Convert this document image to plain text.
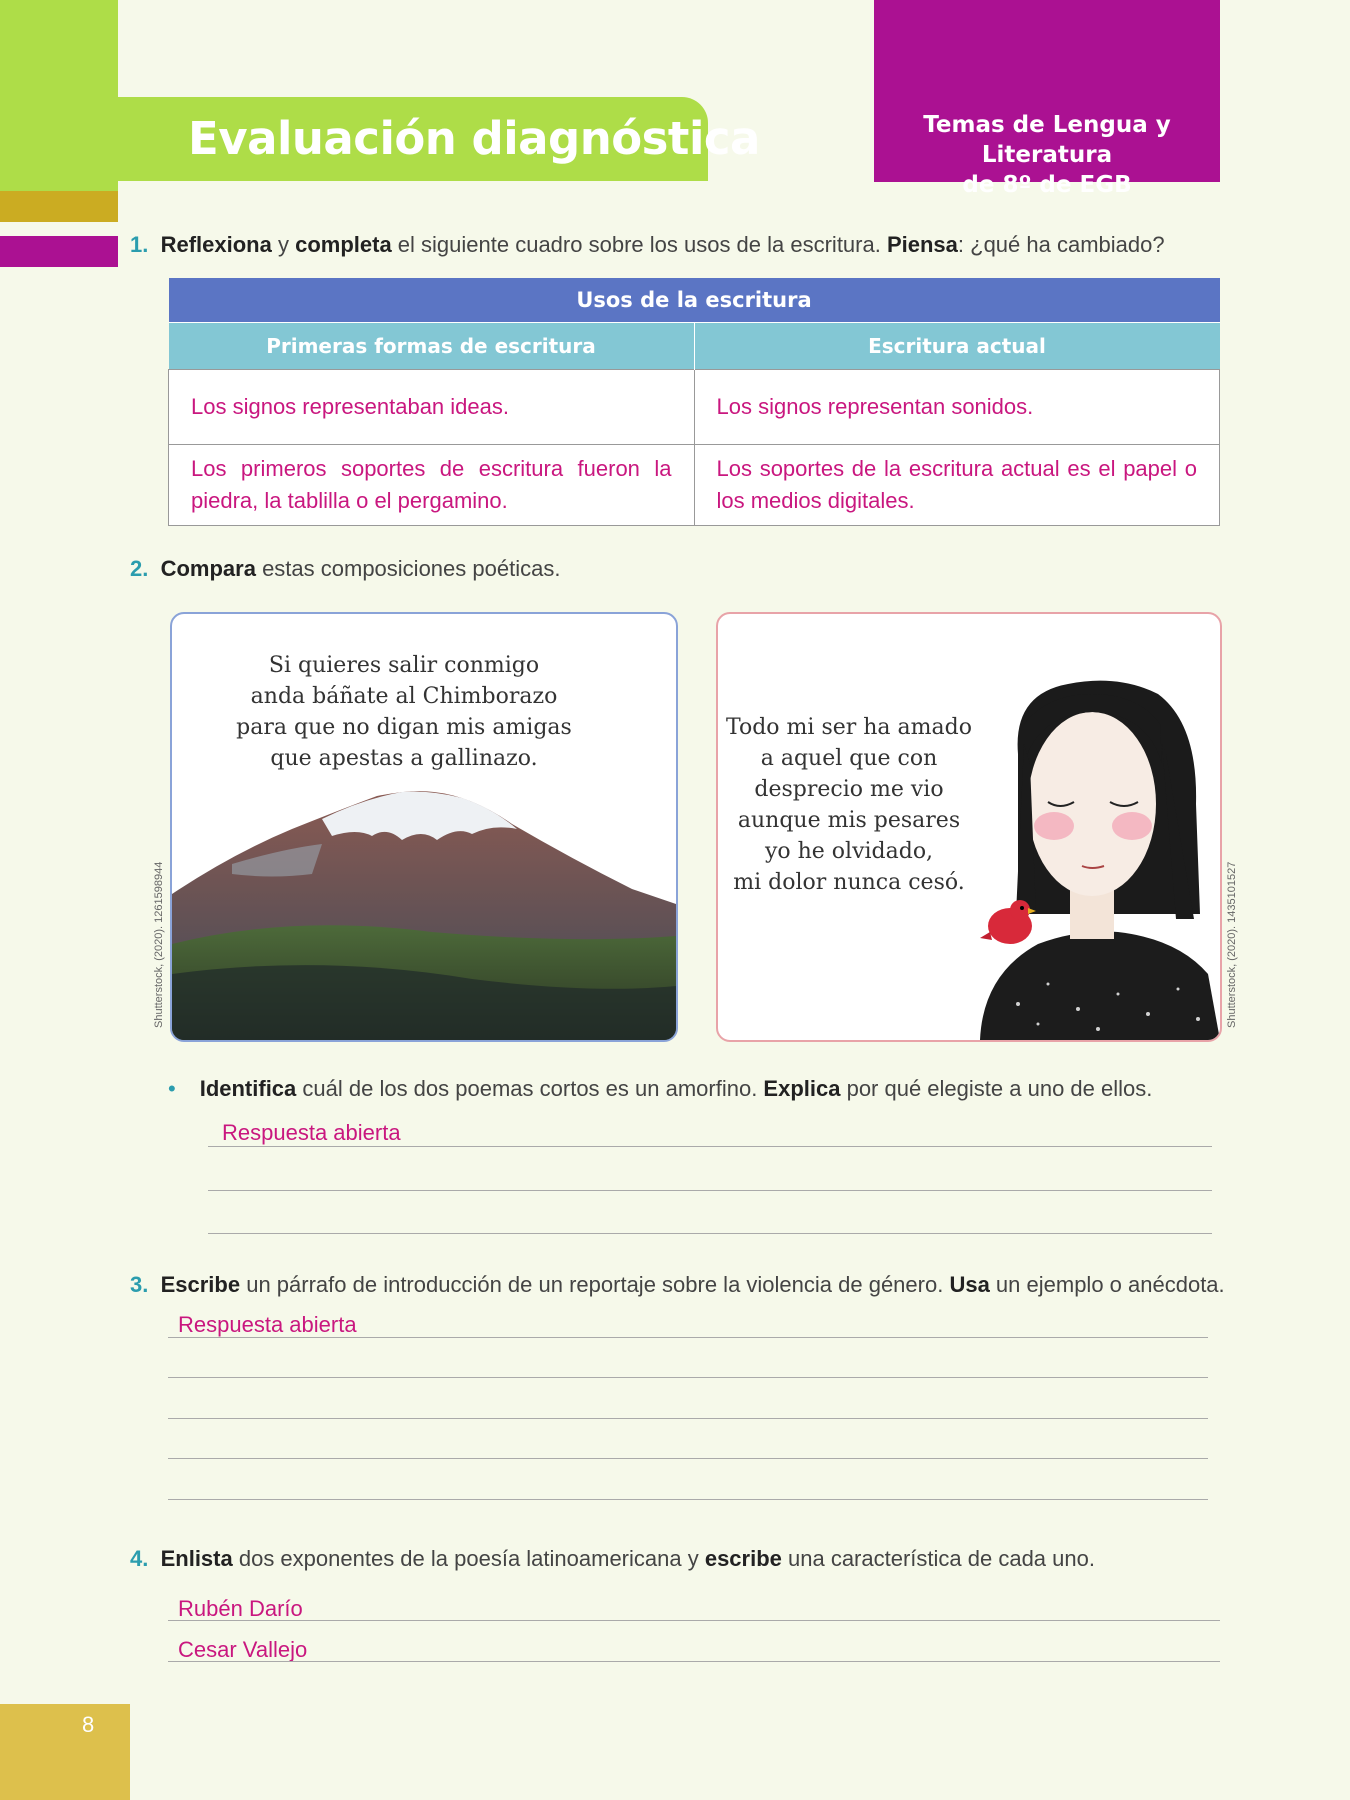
Evaluación diagnóstica	Temas de Lengua y Literatura
de 8º de EGB
1. Reflexiona y completa el siguiente cuadro sobre los usos de la escritura. Piensa: ¿qué ha cambiado?
Usos de la escritura	
Primeras formas de escritura	Escritura actual
Los signos representaban ideas.	Los signos representan sonidos.
Los primeros soportes de escritura fueron la piedra, la tablilla o el pergamino.	Los soportes de la escritura actual es el papel o los medios digitales.
2. Compara estas composiciones poéticas.
Si quieres salir conmigo
anda báñate al Chimborazo
para que no digan mis amigas
que apestas a gallinazo.
Todo mi ser ha amado
a aquel que con
desprecio me vio
aunque mis pesares
yo he olvidado,
mi dolor nunca cesó.
Shutterstock, (2020). 1261598944	Shutterstock, (2020). 1435101527
• Identifica cuál de los dos poemas cortos es un amorfino. Explica por qué elegiste a uno de ellos.
Respuesta abierta
3. Escribe un párrafo de introducción de un reportaje sobre la violencia de género. Usa un ejemplo o anécdota.
Respuesta abierta
4. Enlista dos exponentes de la poesía latinoamericana y escribe una característica de cada uno.
Rubén Darío
Cesar Vallejo
8
